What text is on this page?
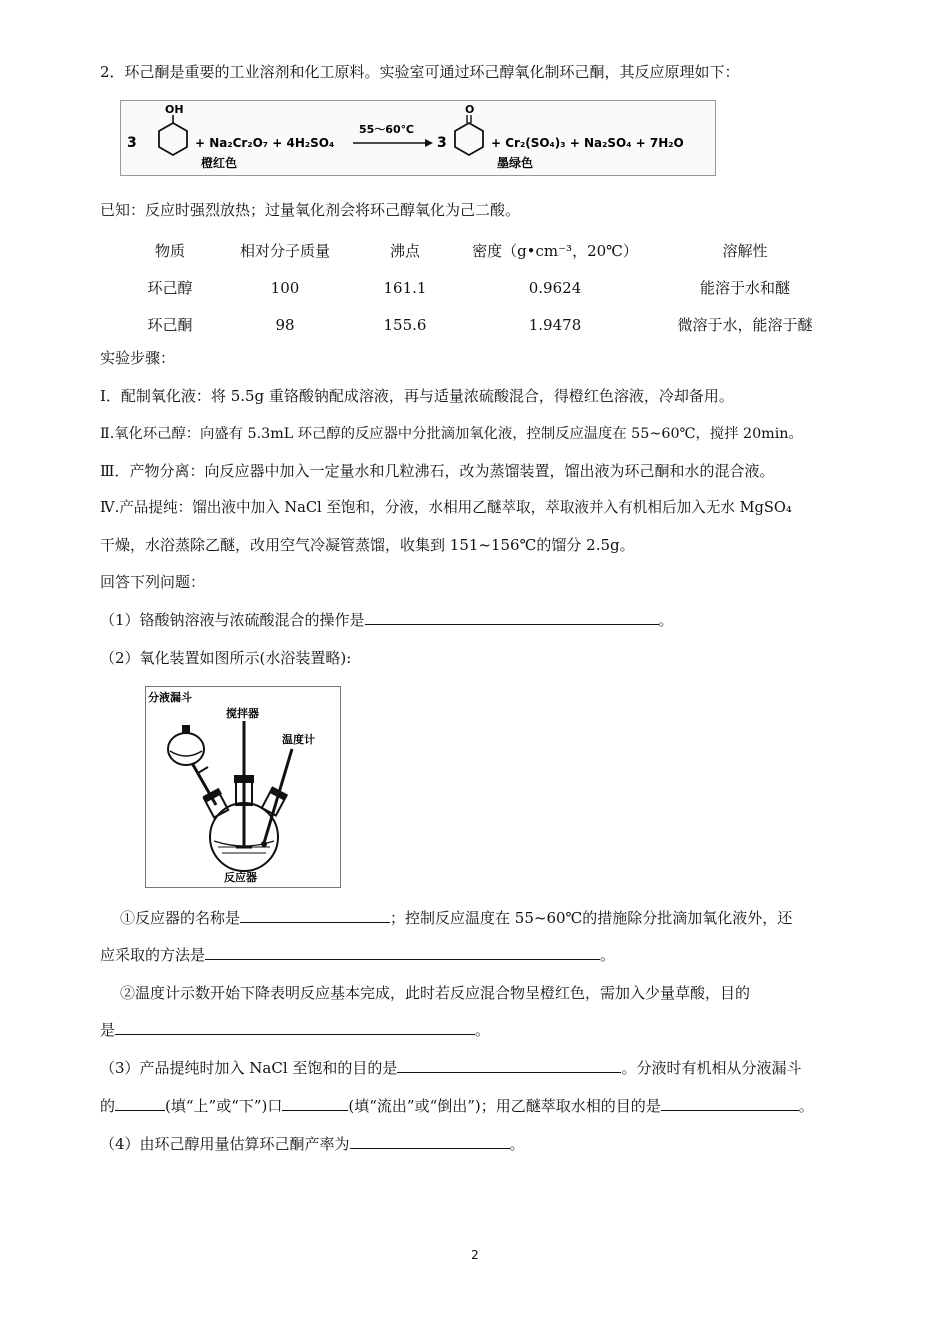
2．环己酮是重要的工业溶剂和化工原料。实验室可通过环己醇氧化制环己酮，其反应原理如下：
3
OH
+ Na₂Cr₂O₇ + 4H₂SO₄
橙红色
55～60℃
3
O
+ Cr₂(SO₄)₃ + Na₂SO₄ + 7H₂O
墨绿色
已知：反应时强烈放热；过量氧化剂会将环己醇氧化为己二酸。
物质	相对分子质量	沸点	密度（g•cm⁻³，20℃）	溶解性
环己醇	100	161.1	0.9624	能溶于水和醚
环己酮	98	155.6	1.9478	微溶于水，能溶于醚
实验步骤：
Ⅰ．配制氧化液：将 5.5g 重铬酸钠配成溶液，再与适量浓硫酸混合，得橙红色溶液，冷却备用。
Ⅱ.氧化环己醇：向盛有 5.3mL 环己醇的反应器中分批滴加氧化液，控制反应温度在 55~60℃，搅拌 20min。
Ⅲ．产物分离：向反应器中加入一定量水和几粒沸石，改为蒸馏装置，馏出液为环己酮和水的混合液。
Ⅳ.产品提纯：馏出液中加入 NaCl 至饱和，分液，水相用乙醚萃取，萃取液并入有机相后加入无水 MgSO₄
干燥，水浴蒸除乙醚，改用空气冷凝管蒸馏，收集到 151~156℃的馏分 2.5g。
回答下列问题：
（1）铬酸钠溶液与浓硫酸混合的操作是	。
（2）氧化装置如图所示(水浴装置略):
分液漏斗
搅拌器
温度计
反应器
①反应器的名称是	；控制反应温度在 55~60℃的措施除分批滴加氧化液外，还
应采取的方法是	。
②温度计示数开始下降表明反应基本完成，此时若反应混合物呈橙红色，需加入少量草酸，目的
是	。
（3）产品提纯时加入 NaCl 至饱和的目的是	。分液时有机相从分液漏斗
的	(填“上”或“下”)口	(填“流出”或“倒出”)；用乙醚萃取水相的目的是	。
（4）由环己醇用量估算环己酮产率为	。
2
